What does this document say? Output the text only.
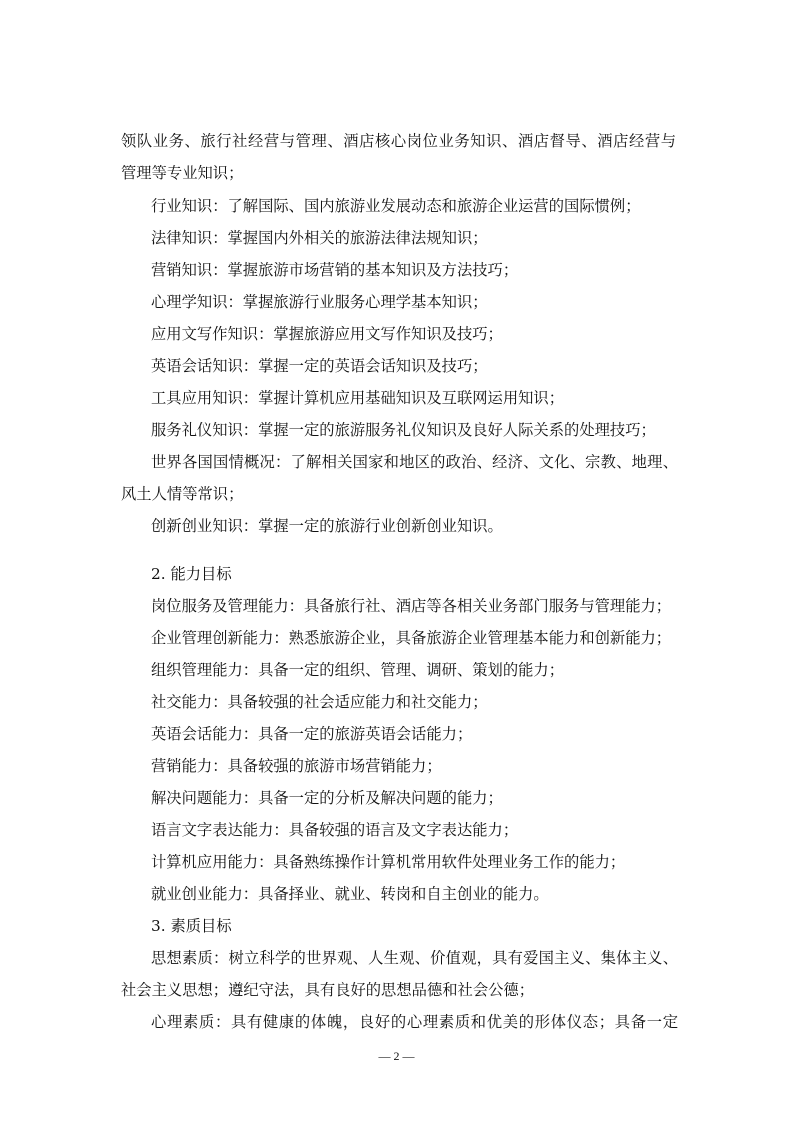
领队业务、旅行社经营与管理、酒店核心岗位业务知识、酒店督导、酒店经营与
管理等专业知识；
行业知识：了解国际、国内旅游业发展动态和旅游企业运营的国际惯例；
法律知识：掌握国内外相关的旅游法律法规知识；
营销知识：掌握旅游市场营销的基本知识及方法技巧；
心理学知识：掌握旅游行业服务心理学基本知识；
应用文写作知识：掌握旅游应用文写作知识及技巧；
英语会话知识：掌握一定的英语会话知识及技巧；
工具应用知识：掌握计算机应用基础知识及互联网运用知识；
服务礼仪知识：掌握一定的旅游服务礼仪知识及良好人际关系的处理技巧；
世界各国国情概况：了解相关国家和地区的政治、经济、文化、宗教、地理、
风土人情等常识；
创新创业知识：掌握一定的旅游行业创新创业知识。
2. 能力目标
岗位服务及管理能力：具备旅行社、酒店等各相关业务部门服务与管理能力；
企业管理创新能力：熟悉旅游企业，具备旅游企业管理基本能力和创新能力；
组织管理能力：具备一定的组织、管理、调研、策划的能力；
社交能力：具备较强的社会适应能力和社交能力；
英语会话能力：具备一定的旅游英语会话能力；
营销能力：具备较强的旅游市场营销能力；
解决问题能力：具备一定的分析及解决问题的能力；
语言文字表达能力：具备较强的语言及文字表达能力；
计算机应用能力：具备熟练操作计算机常用软件处理业务工作的能力；
就业创业能力：具备择业、就业、转岗和自主创业的能力。
3. 素质目标
思想素质：树立科学的世界观、人生观、价值观，具有爱国主义、集体主义、
社会主义思想；遵纪守法，具有良好的思想品德和社会公德；
心理素质：具有健康的体魄，良好的心理素质和优美的形体仪态；具备一定
— 2 —
